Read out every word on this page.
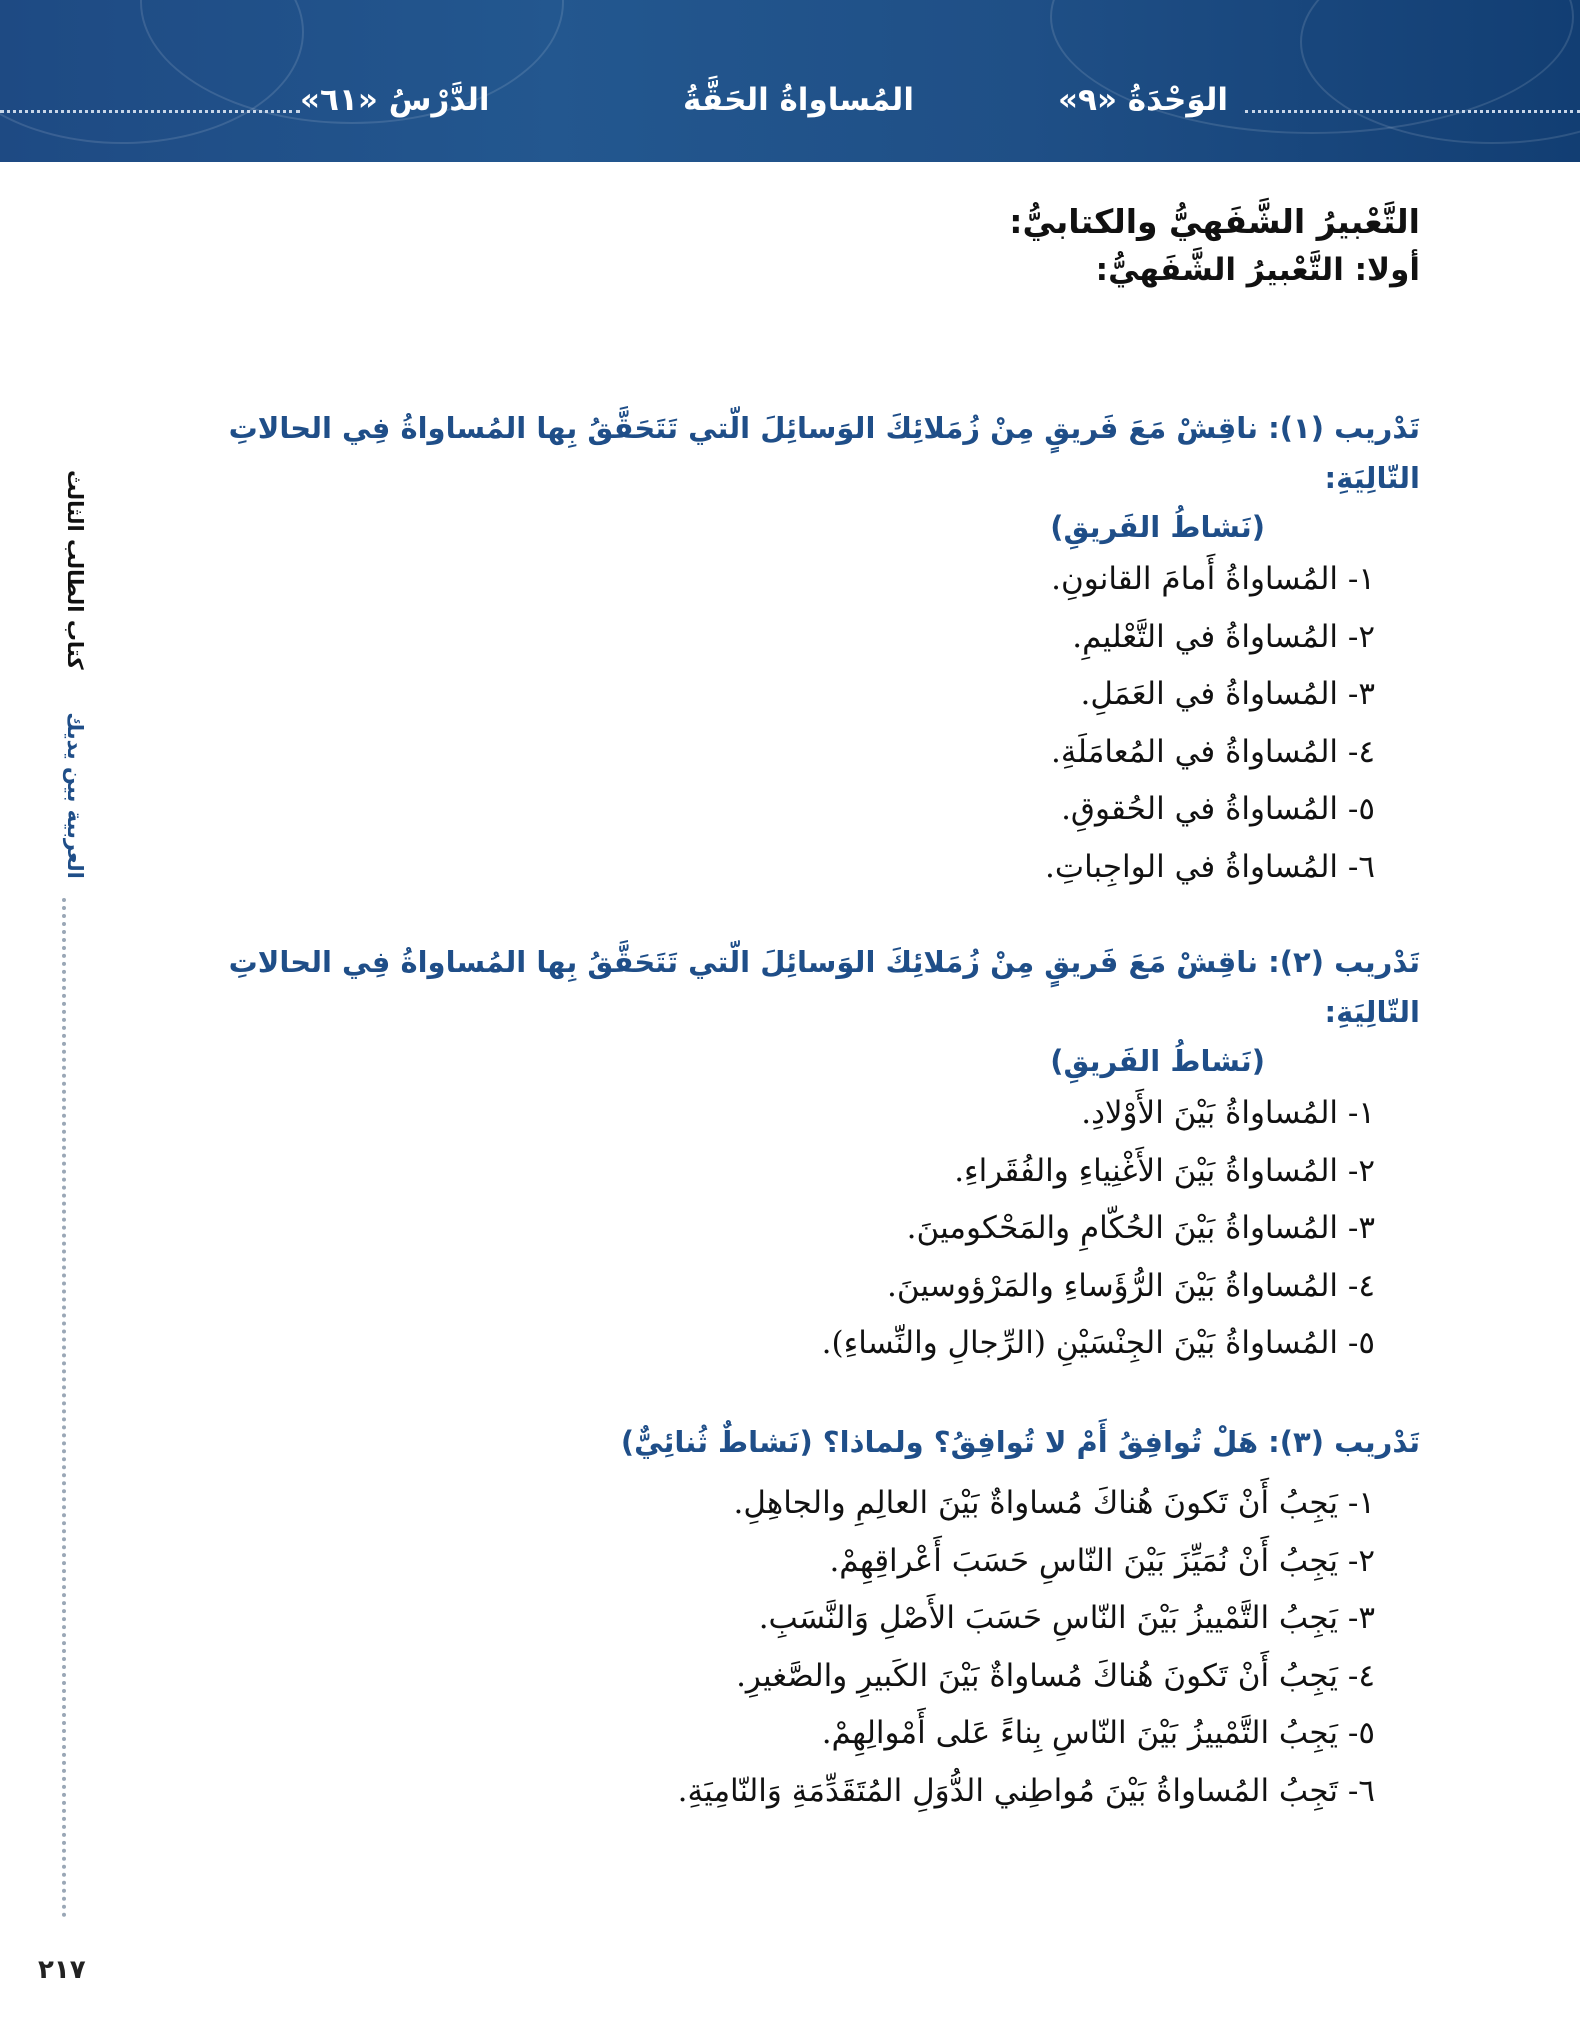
الدَّرْسُ «٦١»	المُساواةُ الحَقَّةُ	الوَحْدَةُ «٩»
العربية بين يديك  كتاب الطالب الثالث
٢١٧
التَّعْبيرُ الشَّفَهيُّ والكتابيُّ:
أولا: التَّعْبيرُ الشَّفَهيُّ:
تَدْريب (١): ناقِشْ مَعَ فَريقٍ مِنْ زُمَلائِكَ الوَسائِلَ الّتي تَتَحَقَّقُ بِها المُساواةُ فِي الحالاتِ التّالِيَةِ:
(نَشاطُ الفَريقِ)
١- المُساواةُ أَمامَ القانونِ.
٢- المُساواةُ في التَّعْليمِ.
٣- المُساواةُ في العَمَلِ.
٤- المُساواةُ في المُعامَلَةِ.
٥- المُساواةُ في الحُقوقِ.
٦- المُساواةُ في الواجِباتِ.
تَدْريب (٢): ناقِشْ مَعَ فَريقٍ مِنْ زُمَلائِكَ الوَسائِلَ الّتي تَتَحَقَّقُ بِها المُساواةُ فِي الحالاتِ التّالِيَةِ:
(نَشاطُ الفَريقِ)
١- المُساواةُ بَيْنَ الأَوْلادِ.
٢- المُساواةُ بَيْنَ الأَغْنِياءِ والفُقَراءِ.
٣- المُساواةُ بَيْنَ الحُكّامِ والمَحْكومينَ.
٤- المُساواةُ بَيْنَ الرُّؤَساءِ والمَرْؤوسينَ.
٥- المُساواةُ بَيْنَ الجِنْسَيْنِ (الرِّجالِ والنِّساءِ).
تَدْريب (٣): هَلْ تُوافِقُ أَمْ لا تُوافِقُ؟ ولماذا؟ (نَشاطٌ ثُنائِيٌّ)
١- يَجِبُ أَنْ تَكونَ هُناكَ مُساواةٌ بَيْنَ العالِمِ والجاهِلِ.
٢- يَجِبُ أَنْ نُمَيِّزَ بَيْنَ النّاسِ حَسَبَ أَعْراقِهِمْ.
٣- يَجِبُ التَّمْييزُ بَيْنَ النّاسِ حَسَبَ الأَصْلِ وَالنَّسَبِ.
٤- يَجِبُ أَنْ تَكونَ هُناكَ مُساواةٌ بَيْنَ الكَبيرِ والصَّغيرِ.
٥- يَجِبُ التَّمْييزُ بَيْنَ النّاسِ بِناءً عَلى أَمْوالِهِمْ.
٦- تَجِبُ المُساواةُ بَيْنَ مُواطِني الدُّوَلِ المُتَقَدِّمَةِ وَالنّامِيَةِ.
